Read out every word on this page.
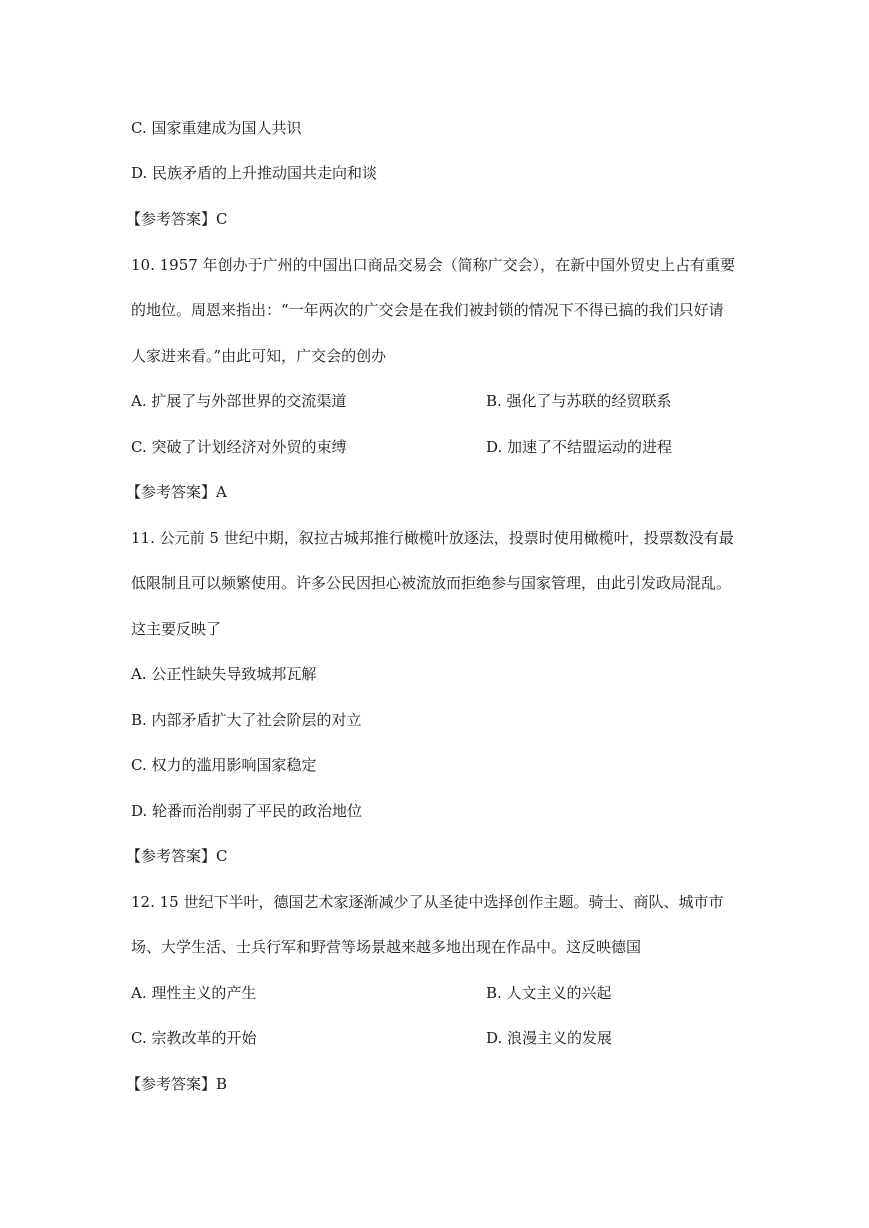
C. 国家重建成为国人共识
D. 民族矛盾的上升推动国共走向和谈
【参考答案】C
10. 1957 年创办于广州的中国出口商品交易会（简称广交会），在新中国外贸史上占有重要
的地位。周恩来指出：“一年两次的广交会是在我们被封锁的情况下不得已搞的我们只好请
人家进来看。”由此可知，广交会的创办
A. 扩展了与外部世界的交流渠道	B. 强化了与苏联的经贸联系
C. 突破了计划经济对外贸的束缚	D. 加速了不结盟运动的进程
【参考答案】A
11. 公元前 5 世纪中期，叙拉古城邦推行橄榄叶放逐法，投票时使用橄榄叶，投票数没有最
低限制且可以频繁使用。许多公民因担心被流放而拒绝参与国家管理，由此引发政局混乱。
这主要反映了
A. 公正性缺失导致城邦瓦解
B. 内部矛盾扩大了社会阶层的对立
C. 权力的滥用影响国家稳定
D. 轮番而治削弱了平民的政治地位
【参考答案】C
12. 15 世纪下半叶，德国艺术家逐渐减少了从圣徒中选择创作主题。骑士、商队、城市市
场、大学生活、士兵行军和野营等场景越来越多地出现在作品中。这反映德国
A. 理性主义的产生	B. 人文主义的兴起
C. 宗教改革的开始	D. 浪漫主义的发展
【参考答案】B
